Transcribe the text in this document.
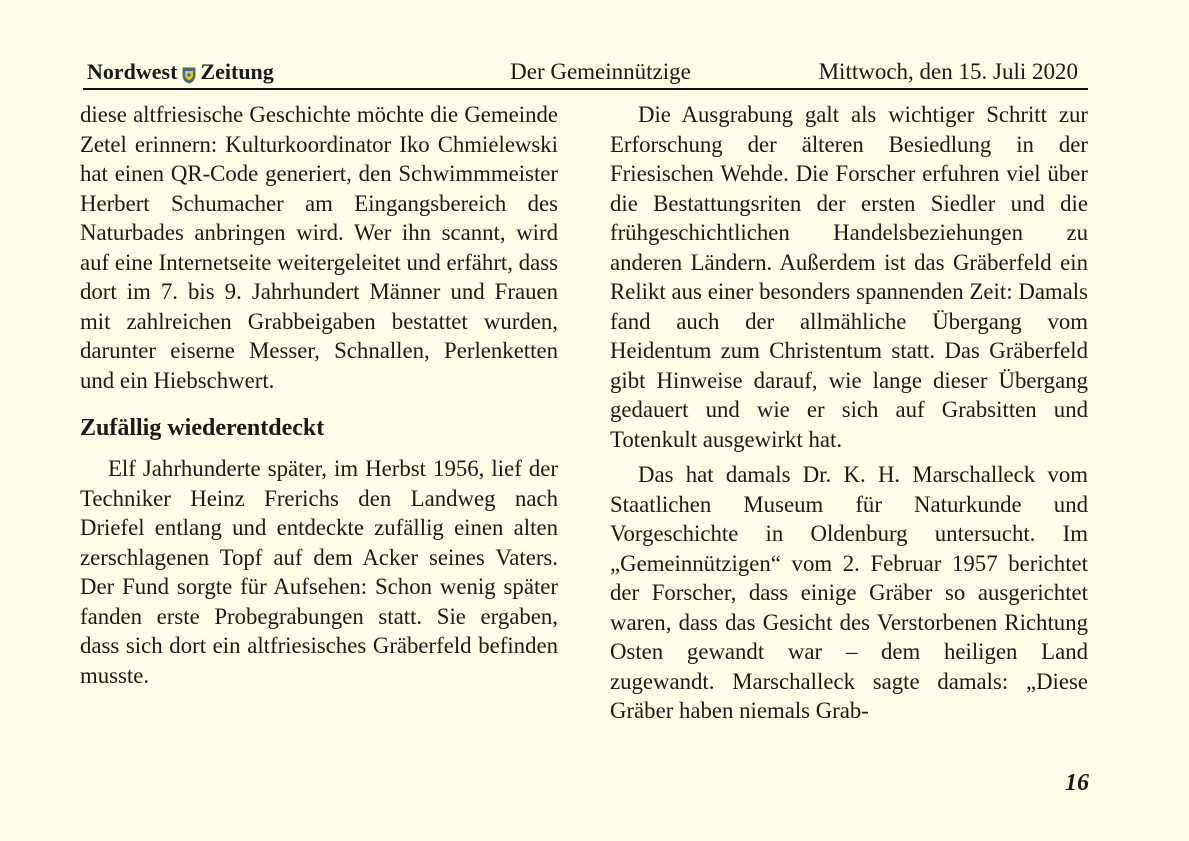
Nordwest Zeitung	Der Gemeinnützige	Mittwoch, den 15. Juli 2020

diese altfriesische Geschichte möchte die Gemeinde Zetel erinnern: Kulturkoordinator Iko Chmielewski hat einen QR-Code generiert, den Schwimmmeister Herbert Schumacher am Eingangsbereich des Naturbades anbringen wird. Wer ihn scannt, wird auf eine Internetseite weitergeleitet und erfährt, dass dort im 7. bis 9. Jahrhundert Männer und Frauen mit zahlreichen Grabbeigaben bestattet wurden, darunter eiserne Messer, Schnallen, Perlenketten und ein Hiebschwert.

Zufällig wiederentdeckt

Elf Jahrhunderte später, im Herbst 1956, lief der Techniker Heinz Frerichs den Landweg nach Driefel entlang und entdeckte zufällig einen alten zerschlagenen Topf auf dem Acker seines Vaters. Der Fund sorgte für Aufsehen: Schon wenig später fanden erste Probegrabungen statt. Sie ergaben, dass sich dort ein altfriesisches Gräberfeld befinden musste.

Die Ausgrabung galt als wichtiger Schritt zur Erforschung der älteren Besiedlung in der Friesischen Wehde. Die Forscher erfuhren viel über die Bestattungsriten der ersten Siedler und die frühgeschichtlichen Handelsbeziehungen zu anderen Ländern. Außerdem ist das Gräberfeld ein Relikt aus einer besonders spannenden Zeit: Damals fand auch der allmähliche Übergang vom Heidentum zum Christentum statt. Das Gräberfeld gibt Hinweise darauf, wie lange dieser Übergang gedauert und wie er sich auf Grabsitten und Totenkult ausgewirkt hat.

Das hat damals Dr. K. H. Marschalleck vom Staatlichen Museum für Naturkunde und Vorgeschichte in Oldenburg untersucht. Im „Gemeinnützigen“ vom 2. Februar 1957 berichtet der Forscher, dass einige Gräber so ausgerichtet waren, dass das Gesicht des Verstorbenen Richtung Osten gewandt war – dem heiligen Land zugewandt. Marschalleck sagte damals: „Diese Gräber haben niemals Grab-

16
